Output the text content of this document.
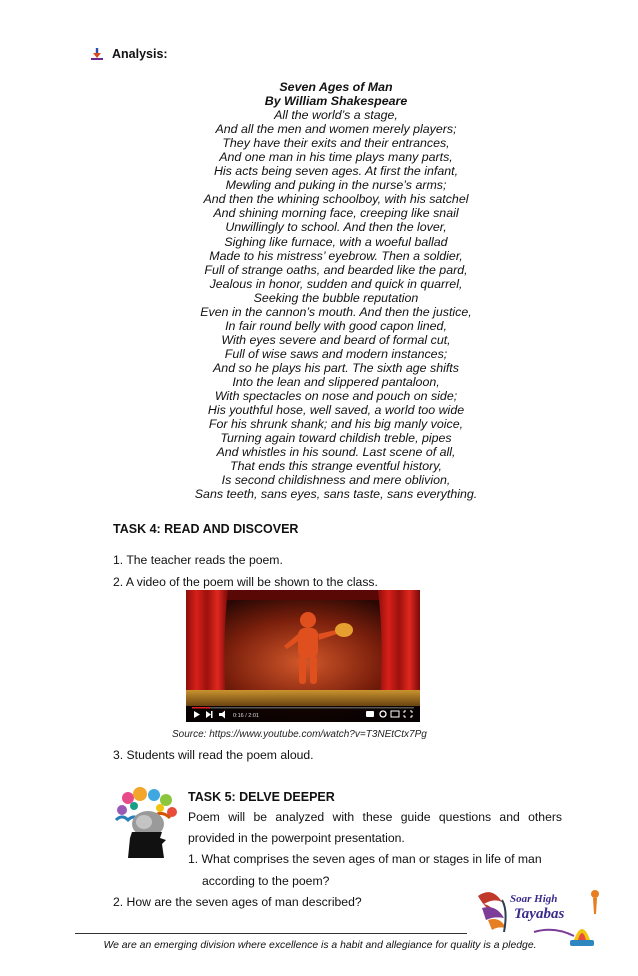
Analysis:
Seven Ages of Man
By William Shakespeare
All the world’s a stage,
And all the men and women merely players;
They have their exits and their entrances,
And one man in his time plays many parts,
His acts being seven ages. At first the infant,
Mewling and puking in the nurse’s arms;
And then the whining schoolboy, with his satchel
And shining morning face, creeping like snail
Unwillingly to school. And then the lover,
Sighing like furnace, with a woeful ballad
Made to his mistress’ eyebrow. Then a soldier,
Full of strange oaths, and bearded like the pard,
Jealous in honor, sudden and quick in quarrel,
Seeking the bubble reputation
Even in the cannon’s mouth. And then the justice,
In fair round belly with good capon lined,
With eyes severe and beard of formal cut,
Full of wise saws and modern instances;
And so he plays his part. The sixth age shifts
Into the lean and slippered pantaloon,
With spectacles on nose and pouch on side;
His youthful hose, well saved, a world too wide
For his shrunk shank; and his big manly voice,
Turning again toward childish treble, pipes
And whistles in his sound. Last scene of all,
That ends this strange eventful history,
Is second childishness and mere oblivion,
Sans teeth, sans eyes, sans taste, sans everything.
TASK 4: READ AND DISCOVER
1. The teacher reads the poem.
2. A video of the poem will be shown to the class.
0:16 / 2:01
Source: https://www.youtube.com/watch?v=T3NEtCtx7Pg
3. Students will read the poem aloud.
TASK 5: DELVE DEEPER
Poem will be analyzed with these guide questions and others
provided in the powerpoint presentation.
1. What comprises the seven ages of man or stages in life of man
according to the poem?
2. How are the seven ages of man described?	Soar High
Tayabas
We are an emerging division where excellence is a habit and allegiance for quality is a pledge.
